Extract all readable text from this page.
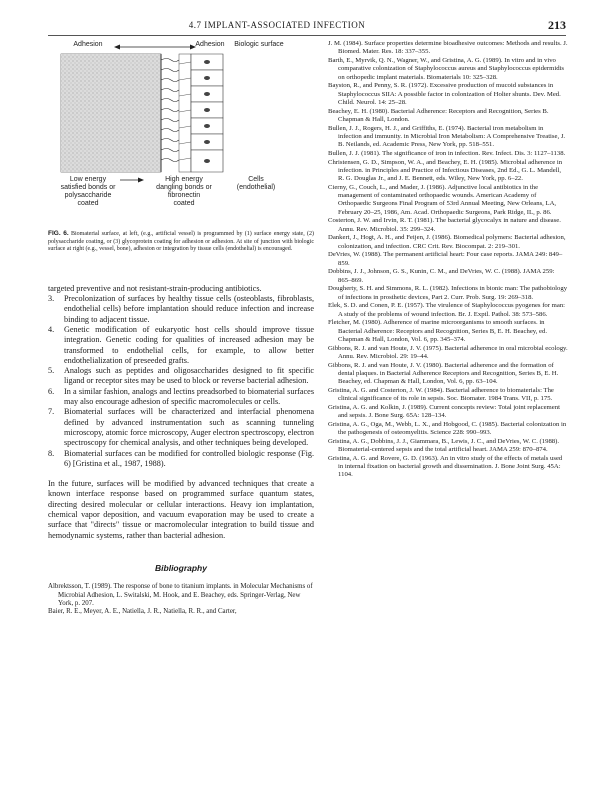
4.7 IMPLANT-ASSOCIATED INFECTION	213
Adhesion	Adhesion	Biologic surface
Low energy
satisfied bonds or
polysaccharide
coated
High energy
dangling bonds or
fibronectin
coated
Cells
(endothelial)
FIG. 6. Biomaterial surface, at left, (e.g., artificial vessel) is programmed by (1) surface energy state, (2) polysaccharide coating, or (3) glycoprotein coating for adhesion or adhesion. At site of junction with biologic surface at right (e.g., vessel, bone), adhesion or integration by tissue cells (endothelial) is encouraged.

targeted preventive and not resistant-strain-producing antibiotics.

3. Precolonization of surfaces by healthy tissue cells (osteoblasts, fibroblasts, endothelial cells) before implantation should reduce infection and increase binding to adjacent tissue.
4. Genetic modification of eukaryotic host cells should improve tissue integration. Genetic coding for qualities of increased adhesion may be transformed to endothelial cells, for example, to allow better endothelialization of preseeded grafts.
5. Analogs such as peptides and oligosaccharides designed to fit specific ligand or receptor sites may be used to block or reverse bacterial adhesion.
6. In a similar fashion, analogs and lectins preadsorbed to biomaterial surfaces may also encourage adhesion of specific macromolecules or cells.
7. Biomaterial surfaces will be characterized and interfacial phenomena defined by advanced instrumentation such as scanning tunneling microscopy, atomic force microscopy, Auger electron spectroscopy, electron spectroscopy for chemical analysis, and other techniques being developed.
8. Biomaterial surfaces can be modified for controlled biologic response (Fig. 6) [Gristina et al., 1987, 1988).

In the future, surfaces will be modified by advanced techniques that create a known interface response based on programmed surface quantum states, directing desired molecular or cellular interactions. Heavy ion implantation, chemical vapor deposition, and vacuum evaporation may be used to create a surface that "directs" tissue or macromolecular integration to build tissue and hemodynamic systems, rather than bacterial adhesion.

Bibliography

Albrektsson, T. (1989). The response of bone to titanium implants. in Molecular Mechanisms of Microbial Adhesion, L. Switalski, M. Hook, and E. Beachey, eds. Springer-Verlag, New York, p. 207.

Baier, R. E., Meyer, A. E., Natiella, J. R., Natiella, R. R., and Carter,

J. M. (1984). Surface properties determine bioadhesive outcomes: Methods and results. J. Biomed. Mater. Res. 18: 337–355.

Barth, E., Myrvik, Q. N., Wagner, W., and Gristina, A. G. (1989). In vitro and in vivo comparative colonization of Staphylococcus aureus and Staphylococcus epidermidis on orthopedic implant materials. Biomaterials 10: 325–328.

Bayston, R., and Penny, S. R. (1972). Excessive production of mucoid substances in Staphylococcus SIIA: A possible factor in colonization of Holter shunts. Dev. Med. Child. Neurol. 14: 25–28.

Beachey, E. H. (1980). Bacterial Adherence: Receptors and Recognition, Series B. Chapman & Hall, London.

Bullen, J. J., Rogers, H. J., and Griffiths, E. (1974). Bacterial iron metabolism in infection and immunity. in Microbial Iron Metabolism: A Comprehensive Treatise, J. B. Neilands, ed. Academic Press, New York, pp. 518–551.

Bullen, J. J. (1981). The significance of iron in infection. Rev. Infect. Dis. 3: 1127–1138.

Christensen, G. D., Simpson, W. A., and Beachey, E. H. (1985). Microbial adherence in infection. in Principles and Practice of Infectious Diseases, 2nd Ed., G. L. Mandell, R. G. Douglas Jr., and J. E. Bennett, eds. Wiley, New York, pp. 6–22.

Cierny, G., Couch, L., and Mader, J. (1986). Adjunctive local antibiotics in the management of contaminated orthopaedic wounds. American Academy of Orthopaedic Surgeons Final Program of 53rd Annual Meeting, New Orleans, LA, February 20–25, 1986, Am. Acad. Orthopaedic Surgeons, Park Ridge, IL, p. 86.

Costerton, J. W. and Irvin, R. T. (1981). The bacterial glycocalyx in nature and disease. Annu. Rev. Microbiol. 35: 299–324.

Dankert, J., Hogt, A. H., and Feijen, J. (1986). Biomedical polymers: Bacterial adhesion, colonization, and infection. CRC Crit. Rev. Biocompat. 2: 219–301.

DeVries, W. (1988). The permanent artificial heart: Four case reports. JAMA 249: 849–859.

Dobbins, J. J., Johnson, G. S., Kunin, C. M., and DeVries, W. C. (1988). JAMA 259: 865–869.

Dougherty, S. H. and Simmons, R. L. (1982). Infections in bionic man: The pathobiology of infections in prosthetic devices, Part 2. Curr. Prob. Surg. 19: 269–318.

Elek, S. D. and Conen, P. E. (1957). The virulence of Staphylococcus pyogenes for man: A study of the problems of wound infection. Br. J. Exptl. Pathol. 38: 573–586.

Fletcher, M. (1980). Adherence of marine microorganisms to smooth surfaces. in Bacterial Adherence: Receptors and Recognition, Series B, E. H. Beachey, ed. Chapman & Hall, London, Vol. 6, pp. 345–374.

Gibbons, R. J. and van Houte, J. V. (1975). Bacterial adherence in oral microbial ecology. Annu. Rev. Microbiol. 29: 19–44.

Gibbons, R. J. and van Houte, J. V. (1980). Bacterial adherence and the formation of dental plaques. in Bacterial Adherence Receptors and Recognition, Series B, E. H. Beachey, ed. Chapman & Hall, London, Vol. 6, pp. 63–104.

Gristina, A. G. and Costerton, J. W. (1984). Bacterial adherence to biomaterials: The clinical significance of its role in sepsis. Soc. Biomater. 1984 Trans. VII, p. 175.

Gristina, A. G. and Kolkin, J. (1989). Current concepts review: Total joint replacement and sepsis. J. Bone Surg. 65A: 128–134.

Gristina, A. G., Oga, M., Webb, L. X., and Hobgood, C. (1985). Bacterial colonization in the pathogenesis of osteomyelitis. Science 228: 990–993.

Gristina, A. G., Dobbins, J. J., Giammara, B., Lewis, J. C., and DeVries, W. C. (1988). Biomaterial-centered sepsis and the total artificial heart. JAMA 259: 870–874.

Gristina, A. G. and Rovere, G. D. (1963). An in vitro study of the effects of metals used in internal fixation on bacterial growth and dissemination. J. Bone Joint Surg. 45A: 1104.
